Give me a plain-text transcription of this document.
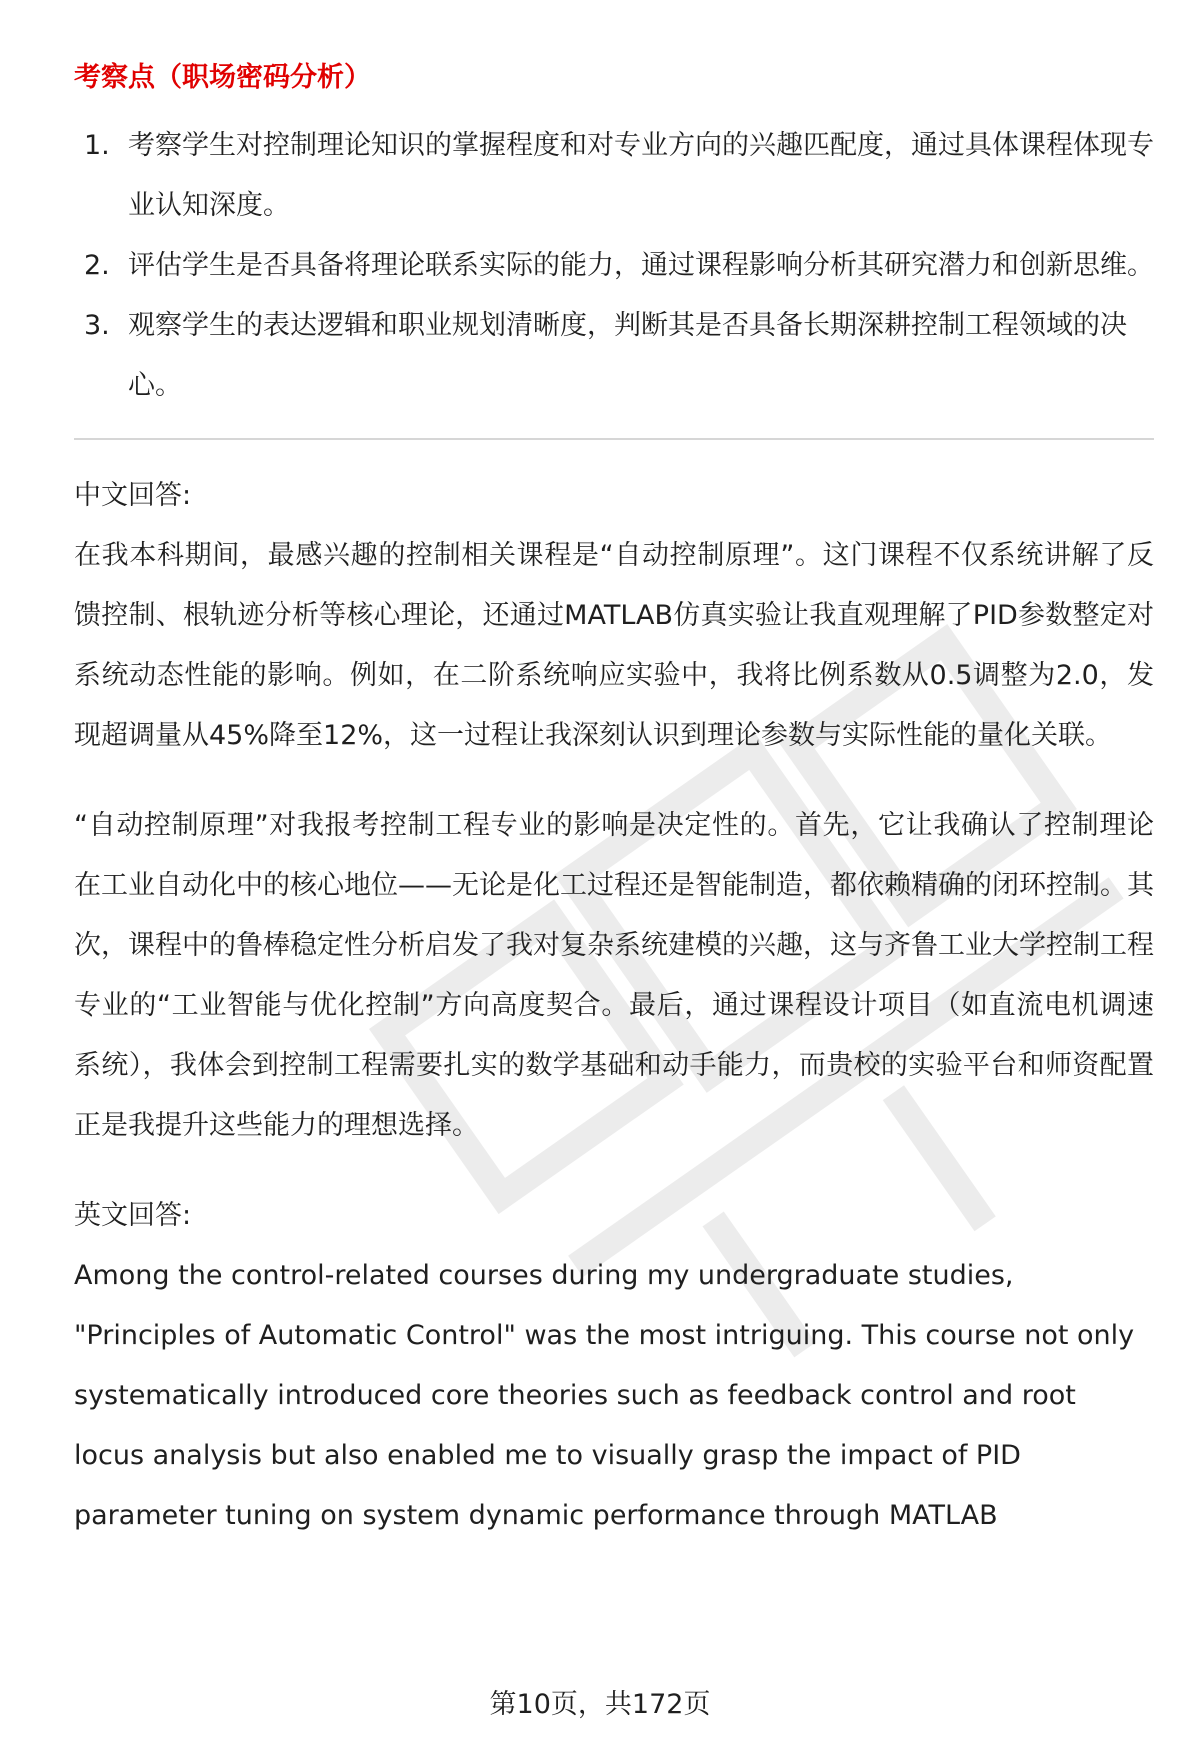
考察点（职场密码分析）
1. 考察学生对控制理论知识的掌握程度和对专业方向的兴趣匹配度，通过具体课程体现专业认知深度。
2. 评估学生是否具备将理论联系实际的能力，通过课程影响分析其研究潜力和创新思维。
3. 观察学生的表达逻辑和职业规划清晰度，判断其是否具备长期深耕控制工程领域的决心。

中文回答:

在我本科期间，最感兴趣的控制相关课程是“自动控制原理”。这门课程不仅系统讲解了反馈控制、根轨迹分析等核心理论，还通过MATLAB仿真实验让我直观理解了PID参数整定对系统动态性能的影响。例如，在二阶系统响应实验中，我将比例系数从0.5调整为2.0，发现超调量从45%降至12%，这一过程让我深刻认识到理论参数与实际性能的量化关联。

“自动控制原理”对我报考控制工程专业的影响是决定性的。首先，它让我确认了控制理论在工业自动化中的核心地位——无论是化工过程还是智能制造，都依赖精确的闭环控制。其次，课程中的鲁棒稳定性分析启发了我对复杂系统建模的兴趣，这与齐鲁工业大学控制工程专业的“工业智能与优化控制”方向高度契合。最后，通过课程设计项目（如直流电机调速系统），我体会到控制工程需要扎实的数学基础和动手能力，而贵校的实验平台和师资配置正是我提升这些能力的理想选择。

英文回答:

Among the control-related courses during my undergraduate studies, "Principles of Automatic Control" was the most intriguing. This course not only systematically introduced core theories such as feedback control and root locus analysis but also enabled me to visually grasp the impact of PID parameter tuning on system dynamic performance through MATLAB

第10页，共172页
